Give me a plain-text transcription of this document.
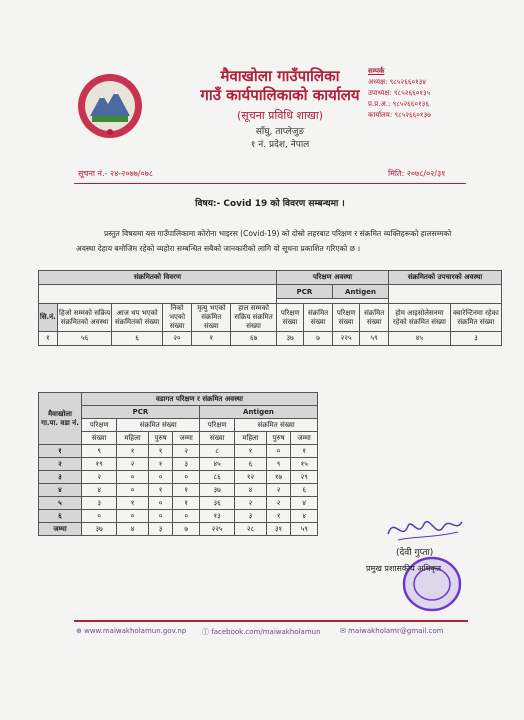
मैवाखोला गाउँपालिका
गाउँ कार्यपालिकाको कार्यालय
(सूचना प्रविधि शाखा)
साँघु, ताप्लेजुङ
१ नं. प्रदेश, नेपाल
सम्पर्क
अध्यक्ष: ९८५२६६०१३४
उपाध्यक्ष: ९८५२६६०१३५
प्र.प्र.अ.: ९८५२६६०१३६
कार्यालय: ९८५२६६०१३७
सूचना नं.- २४-२०७७/०७८	मिति: २०७८/०२/३१
विषय:- Covid 19 को विवरण सम्बन्धमा ।
प्रस्तुत विषयमा यस गाउँपालिकामा कोरोना भाइरस (Covid-19) को दोस्रो लहरबाट परिक्षण र संक्रमित व्यक्तिहरूको हालसम्मको अवस्था देहाय बमोजिम रहेको व्यहोरा सम्बन्धित सबैको जानकारीको लागि यो सूचना प्रकाशित गरिएको छ ।
संक्रमितको विवरण						परिक्षण अवस्था				संक्रमितको उपचारको अवस्था	
						PCR		Antigen			

सि.नं.	हिजो सम्मको सक्रिय संक्रमितको अवस्था	आज थप भएको संक्रमितको संख्या	निको भएको संख्या	मृत्यु भएको संक्रमित संख्या	हाल सम्मको सक्रिय संक्रमित संख्या	परिक्षण संख्या	संक्रमित संख्या	परिक्षण संख्या	संक्रमित संख्या	होम आइसोलेसनमा रहेको संक्रमित संख्या	क्वारेन्टिनमा रहेका संक्रमित संख्या
१	५६	६	२०	१	६७	३७	७	२२५	५९	४५	३
मैवाखोला गा.पा. वडा नं.	वडागत परिक्षण र संक्रमित अवस्था							
	PCR				Antigen			
	परिक्षण	संक्रमित संख्या			परिक्षण	संक्रमित संख्या		
	संख्या	महिला	पुरुष	जम्मा	संख्या	महिला	पुरुष	जम्मा
१	९	१	१	२	८	१	०	१
२	१९	२	१	३	४५	६	९	१५
३	२	०	०	०	८६	१२	१७	२९
४	४	०	१	१	३७	४	२	६
५	३	१	०	१	३६	२	२	४
६	०	०	०	०	१३	३	१	४
जम्मा	३७	४	३	७	२२५	२८	३१	५९
(देवी गुप्ता)
प्रमुख प्रशासकीय अधिकृत
⊕ www.maiwakholamun.gov.np ⓕ facebook.com/maiwakholamun	✉ maiwakholamr@gmail.com
